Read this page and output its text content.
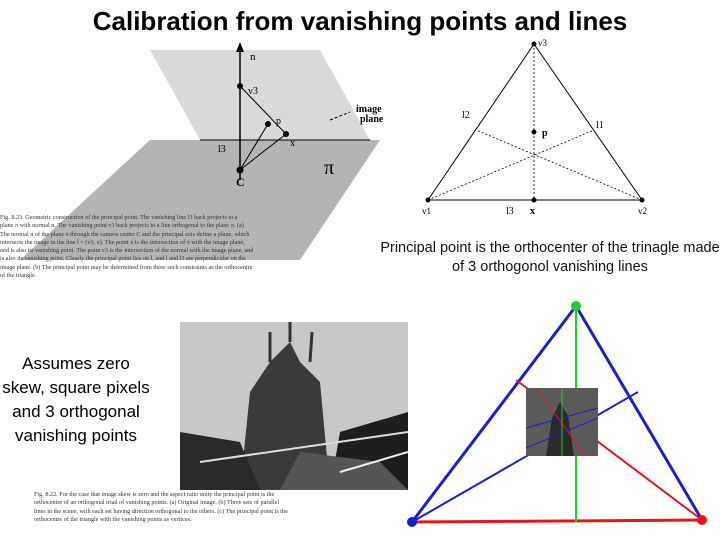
Calibration from vanishing points and lines
n
v3
p
x
l3
C
π
image plane
v3
v1	v2
l1
l2
l3
p
x
Fig. 8.23. Geometric construction of the principal point. The vanishing line l3 back projects to a
plane π with normal n. The vanishing point v3 back projects to a line orthogonal to the plane π. (a)
The normal n of the plane π through the camera centre C and the principal axis define a plane, which
intersects the image in the line l = (v3, x). The point x is the intersection of π with the image plane,
and is also its vanishing point. The point v3 is the intersection of the normal with the image plane, and
is also its vanishing point. Clearly the principal point lies on l, and l and l3 are perpendicular on the
image plane. (b) The principal point may be determined from three such constraints as the orthocentre
of the triangle.
Principal point is the orthocenter of the trinagle made of 3 orthogonol vanishing lines
Assumes zero skew, square pixels and 3 orthogonal vanishing points
Fig. 8.22. For the case that image skew is zero and the aspect ratio unity the principal point is the
orthocentre of an orthogonal triad of vanishing points. (a) Original image. (b) Three sets of parallel
lines in the scene, with each set having direction orthogonal to the others. (c) The principal point is the
orthocentre of the triangle with the vanishing points as vertices.
